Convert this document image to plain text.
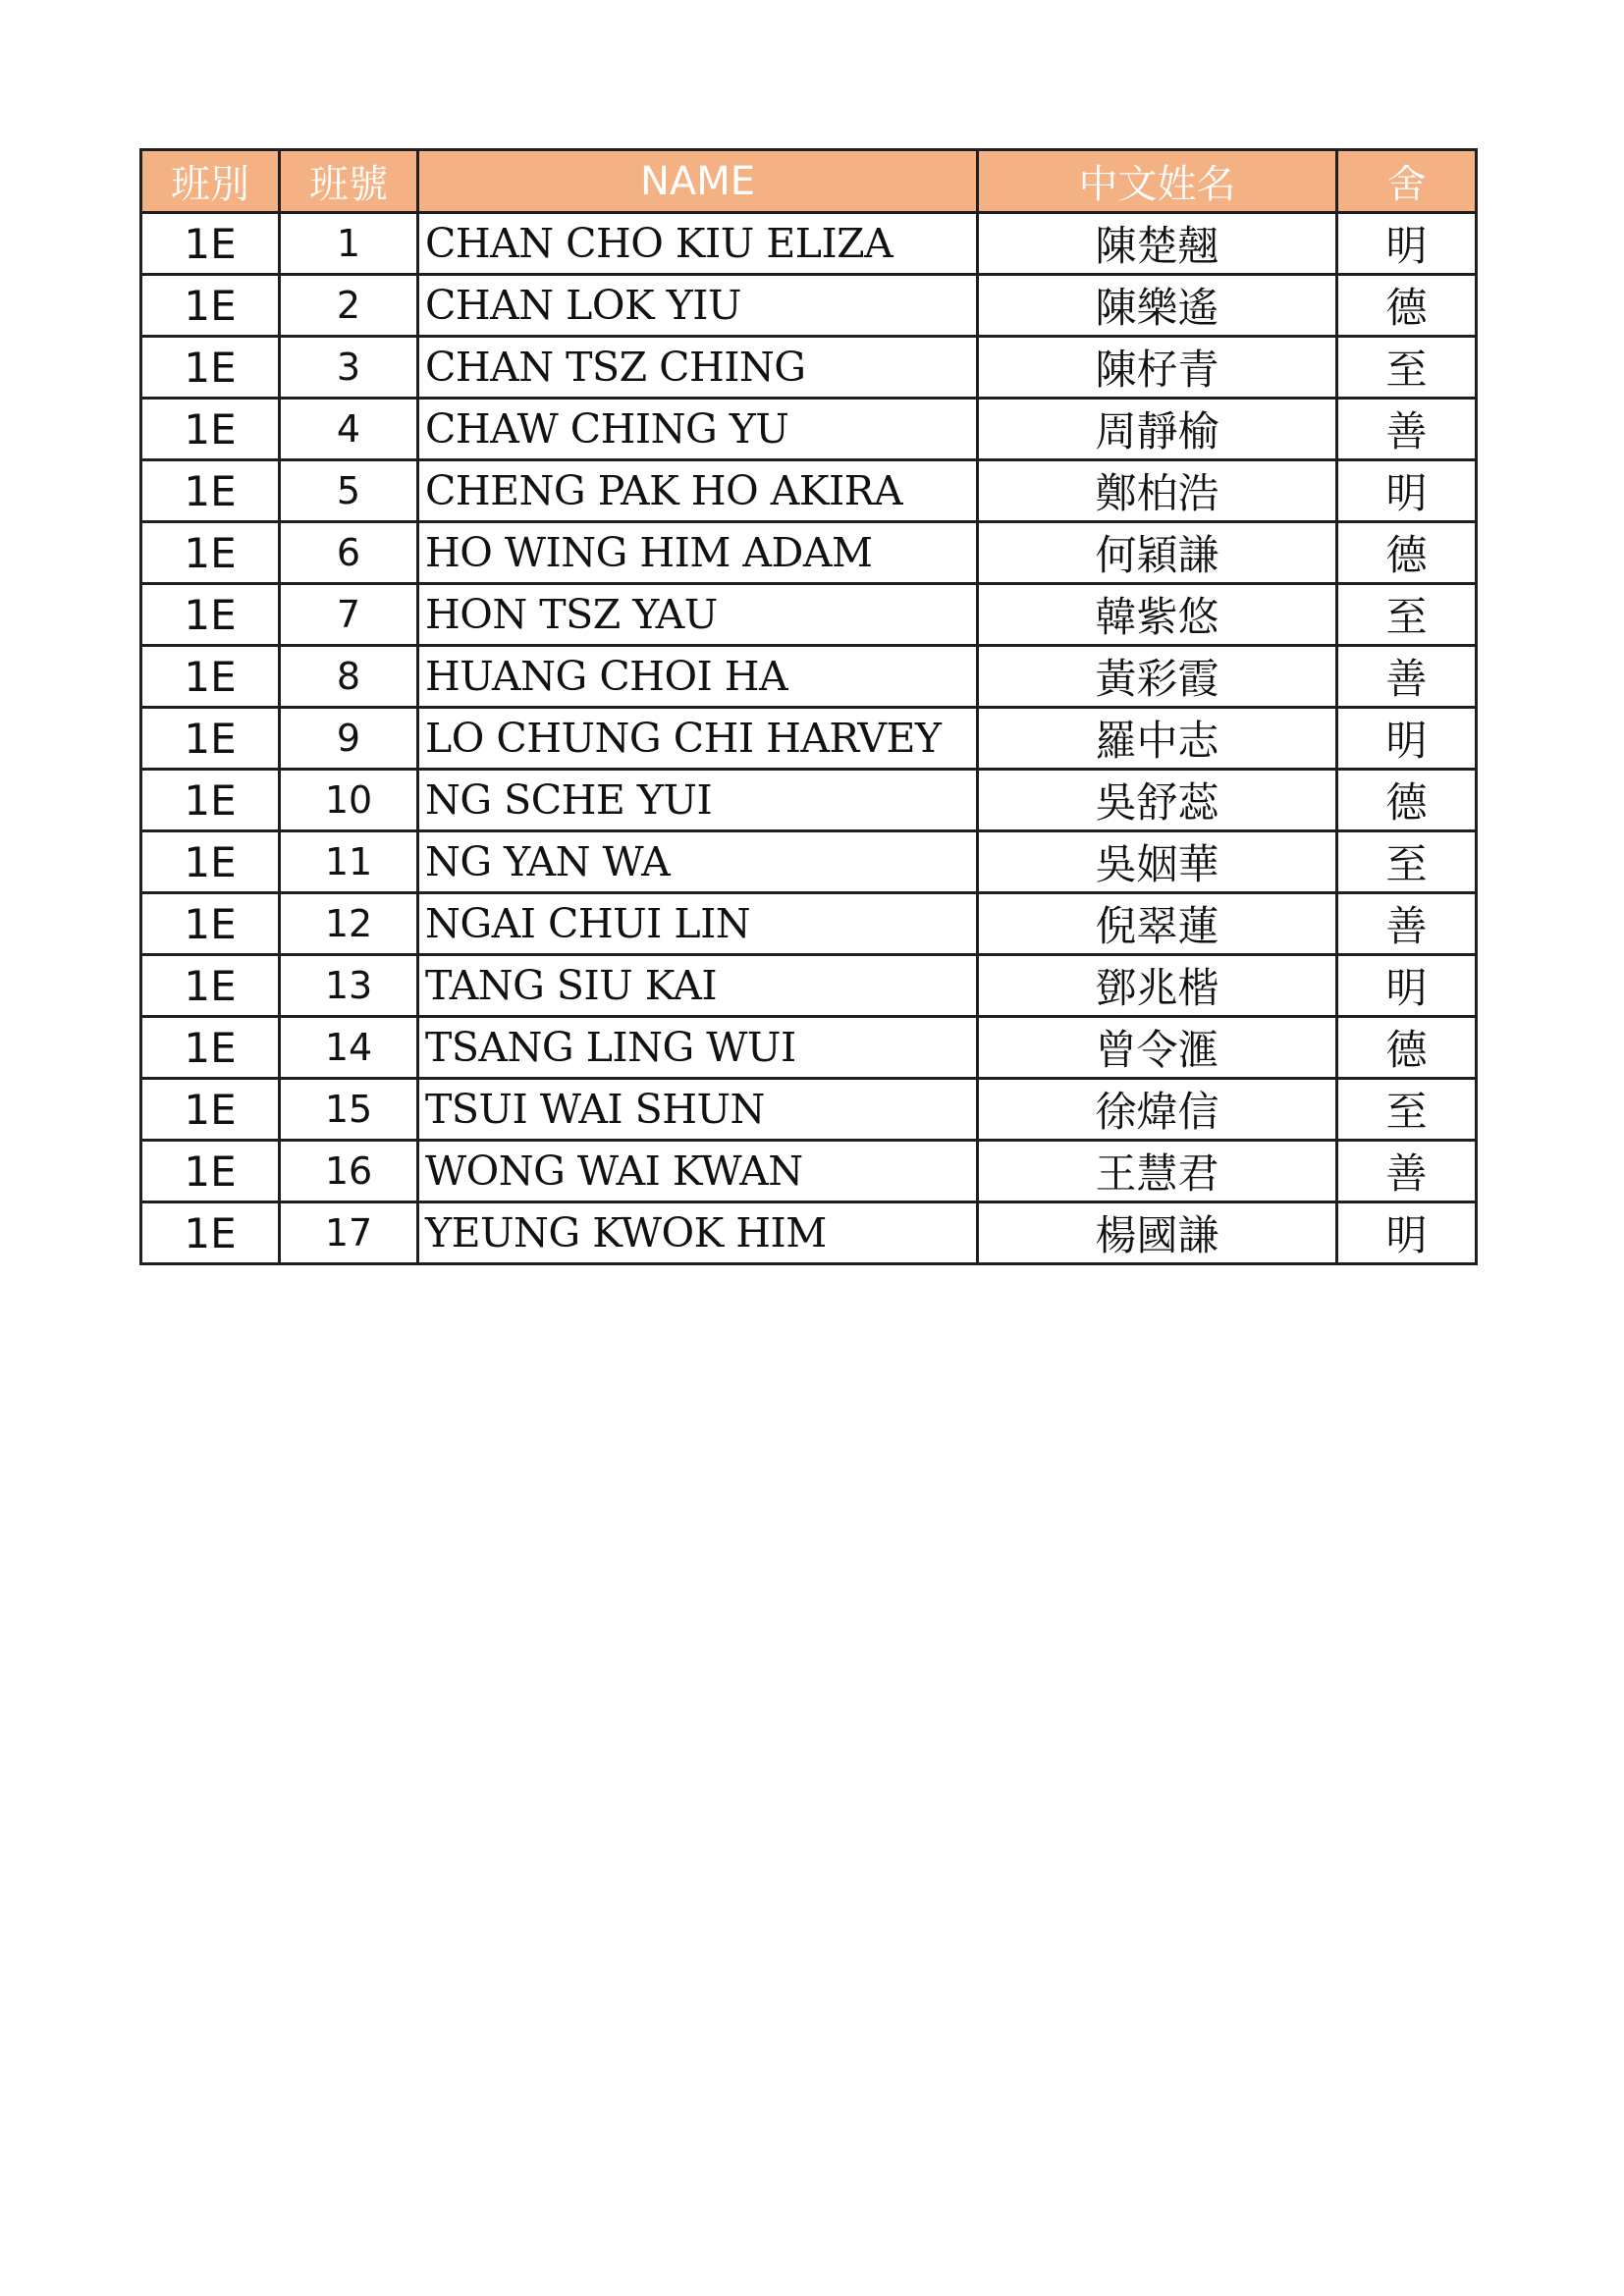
班別	班號	NAME	中文姓名	舍
1E	1	CHAN CHO KIU ELIZA	陳楚翹	明
1E	2	CHAN LOK YIU	陳樂遙	德
1E	3	CHAN TSZ CHING	陳杍青	至
1E	4	CHAW CHING YU	周靜榆	善
1E	5	CHENG PAK HO AKIRA	鄭柏浩	明
1E	6	HO WING HIM ADAM	何穎謙	德
1E	7	HON TSZ YAU	韓紫悠	至
1E	8	HUANG CHOI HA	黃彩霞	善
1E	9	LO CHUNG CHI HARVEY	羅中志	明
1E	10	NG SCHE YUI	吳舒蕊	德
1E	11	NG YAN WA	吳姻華	至
1E	12	NGAI CHUI LIN	倪翠蓮	善
1E	13	TANG SIU KAI	鄧兆楷	明
1E	14	TSANG LING WUI	曾令滙	德
1E	15	TSUI WAI SHUN	徐煒信	至
1E	16	WONG WAI KWAN	王慧君	善
1E	17	YEUNG KWOK HIM	楊國謙	明
